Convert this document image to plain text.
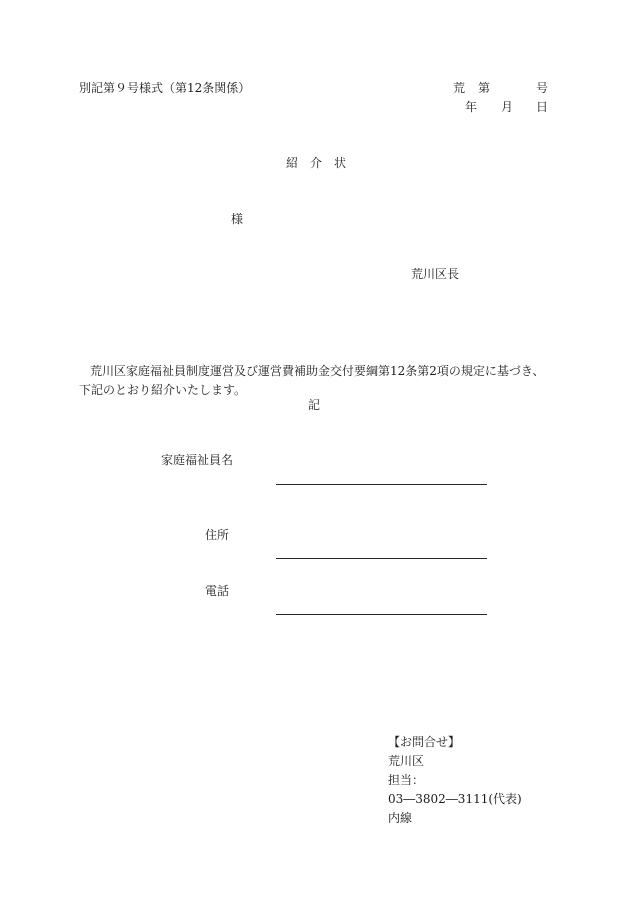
別記第９号様式（第12条関係）	荒 第	号
年 月 日
紹 介 状
様
荒川区長
荒川区家庭福祉員制度運営及び運営費補助金交付要綱第12条第2項の規定に基づき、下記のとおり紹介いたします。
記
家庭福祉員名
住所
電話
【お問合せ】
荒川区
担当：
03―3802―3111(代表)
内線
